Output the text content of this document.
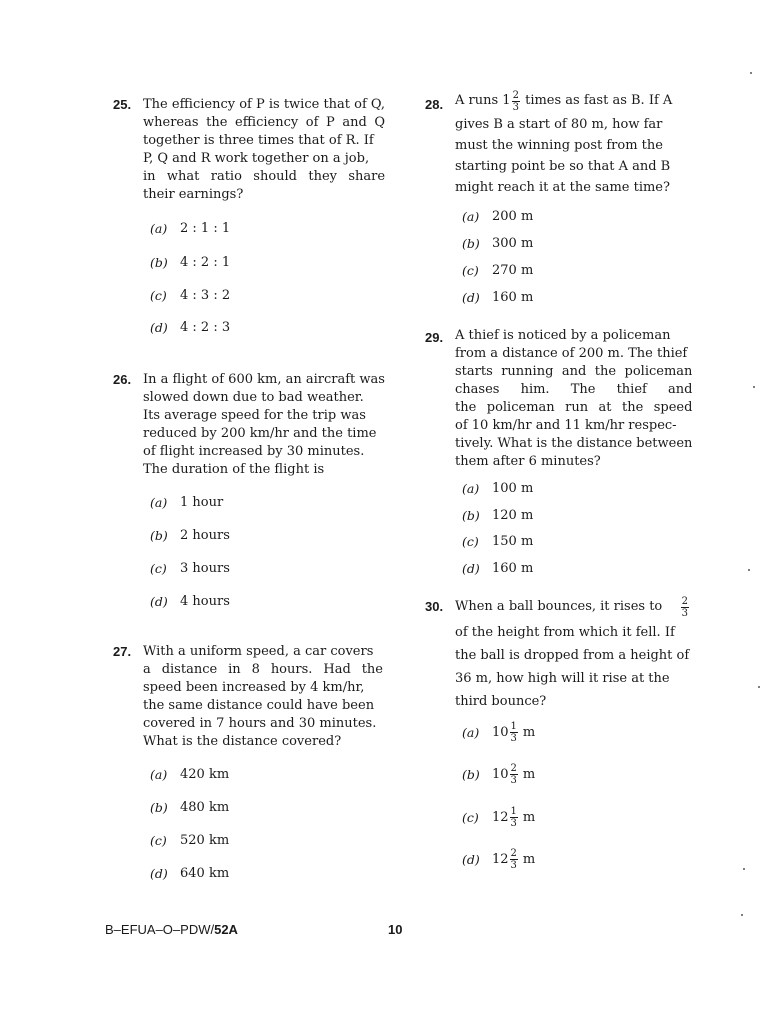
25. The efficiency of P is twice that of Q,
whereas the efficiency of P and Q
together is three times that of R. If
P, Q and R work together on a job,
in what ratio should they share
their earnings?
(a) 2 : 1 : 1
(b) 4 : 2 : 1
(c)	4 : 3 : 2
(d) 4 : 2 : 3
26. In a flight of 600 km, an aircraft was
slowed down due to bad weather.
Its average speed for the trip was
reduced by 200 km/hr and the time
of flight increased by 30 minutes.
The duration of the flight is
(a) 1 hour
(b) 2 hours
(c)	3 hours
(d) 4 hours
27. With a uniform speed, a car covers
a distance in 8 hours. Had the
speed been increased by 4 km/hr,
the same distance could have been
covered in 7 hours and 30 minutes.
What is the distance covered?
(a) 420 km
(b) 480 km
(c)	520 km
(d) 640 km
28. A runs $1 \frac{2}{3}$ times as fast as B. If A
gives B a start of 80 m, how far
must the winning post from the
starting point be so that A and B
might reach it at the same time?
(a) 200 m
(b) 300 m
(c)	270 m
(d) 160 m
29. A thief is noticed by a policeman
from a distance of 200 m. The thief
starts running and the policeman
chases him. The thief and
the policeman run at the speed
of 10 km/hr and 11 km/hr respec-
tively. What is the distance between
them after 6 minutes?
(a) 100 m
(b) 120 m
(c)	150 m
(d) 160 m
30. When a ball bounces, it rises to $\frac{2}{3}$
of the height from which it fell. If
the ball is dropped from a height of
36 m, how high will it rise at the
third bounce?
(a) $10 \frac{1}{3}$ m
(b) $10 \frac{2}{3}$ m
(c)	$12 \frac{1}{3}$ m
(d) $12 \frac{2}{3}$ m
B–EFUA–O–PDW/52A	10
